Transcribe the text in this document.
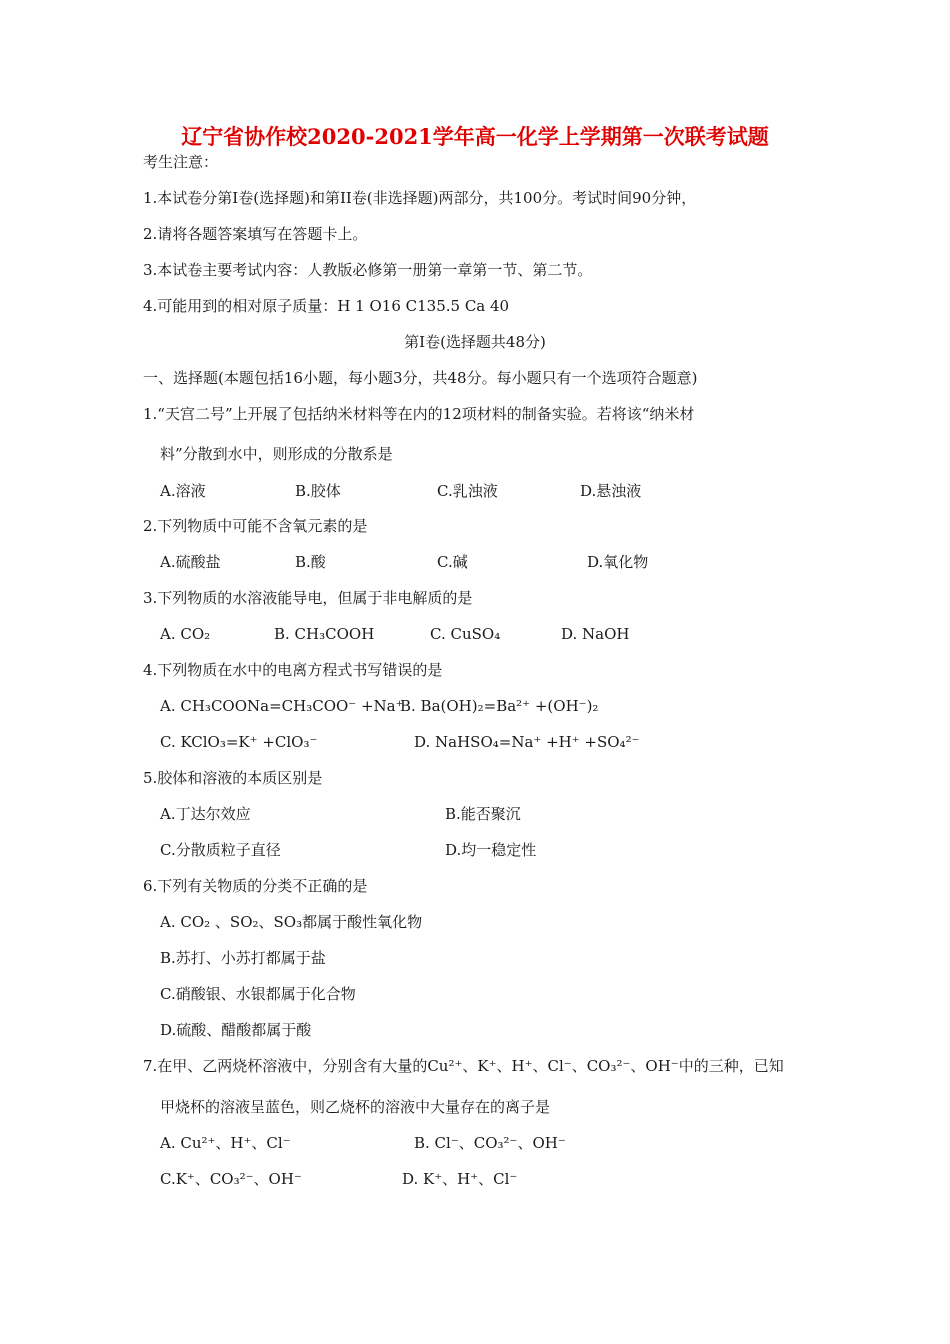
辽宁省协作校2020-2021学年高一化学上学期第一次联考试题
考生注意：
1.本试卷分第Ⅰ卷(选择题)和第II卷(非选择题)两部分，共100分。考试时间90分钟，
2.请将各题答案填写在答题卡上。
3.本试卷主要考试内容：人教版必修第一册第一章第一节、第二节。
4.可能用到的相对原子质量：H 1 O16 C135.5 Ca 40
第Ⅰ卷(选择题共48分)
一、选择题(本题包括16小题，每小题3分，共48分。每小题只有一个选项符合题意)
1.“天宫二号”上开展了包括纳米材料等在内的12项材料的制备实验。若将该“纳米材
料”分散到水中，则形成的分散系是
A.溶液	B.胶体	C.乳浊液	D.悬浊液
2.下列物质中可能不含氧元素的是
A.硫酸盐	B.酸	C.碱	D.氧化物
3.下列物质的水溶液能导电，但属于非电解质的是
A. CO₂	B. CH₃COOH	C. CuSO₄	D. NaOH
4.下列物质在水中的电离方程式书写错误的是
A. CH₃COONa=CH₃COO⁻ +Na⁺
B. Ba(OH)₂=Ba²⁺ +(OH⁻)₂
C. KClO₃=K⁺ +ClO₃⁻	D. NaHSO₄=Na⁺ +H⁺ +SO₄²⁻
5.胶体和溶液的本质区别是
A.丁达尔效应	B.能否聚沉
C.分散质粒子直径	D.均一稳定性
6.下列有关物质的分类不正确的是
A. CO₂ 、SO₂、SO₃都属于酸性氧化物
B.苏打、小苏打都属于盐
C.硝酸银、水银都属于化合物
D.硫酸、醋酸都属于酸
7.在甲、乙两烧杯溶液中，分别含有大量的Cu²⁺、K⁺、H⁺、Cl⁻、CO₃²⁻、OH⁻中的三种，已知
甲烧杯的溶液呈蓝色，则乙烧杯的溶液中大量存在的离子是
A. Cu²⁺、H⁺、Cl⁻	B. Cl⁻、CO₃²⁻、OH⁻
C.K⁺、CO₃²⁻、OH⁻	D. K⁺、H⁺、Cl⁻
